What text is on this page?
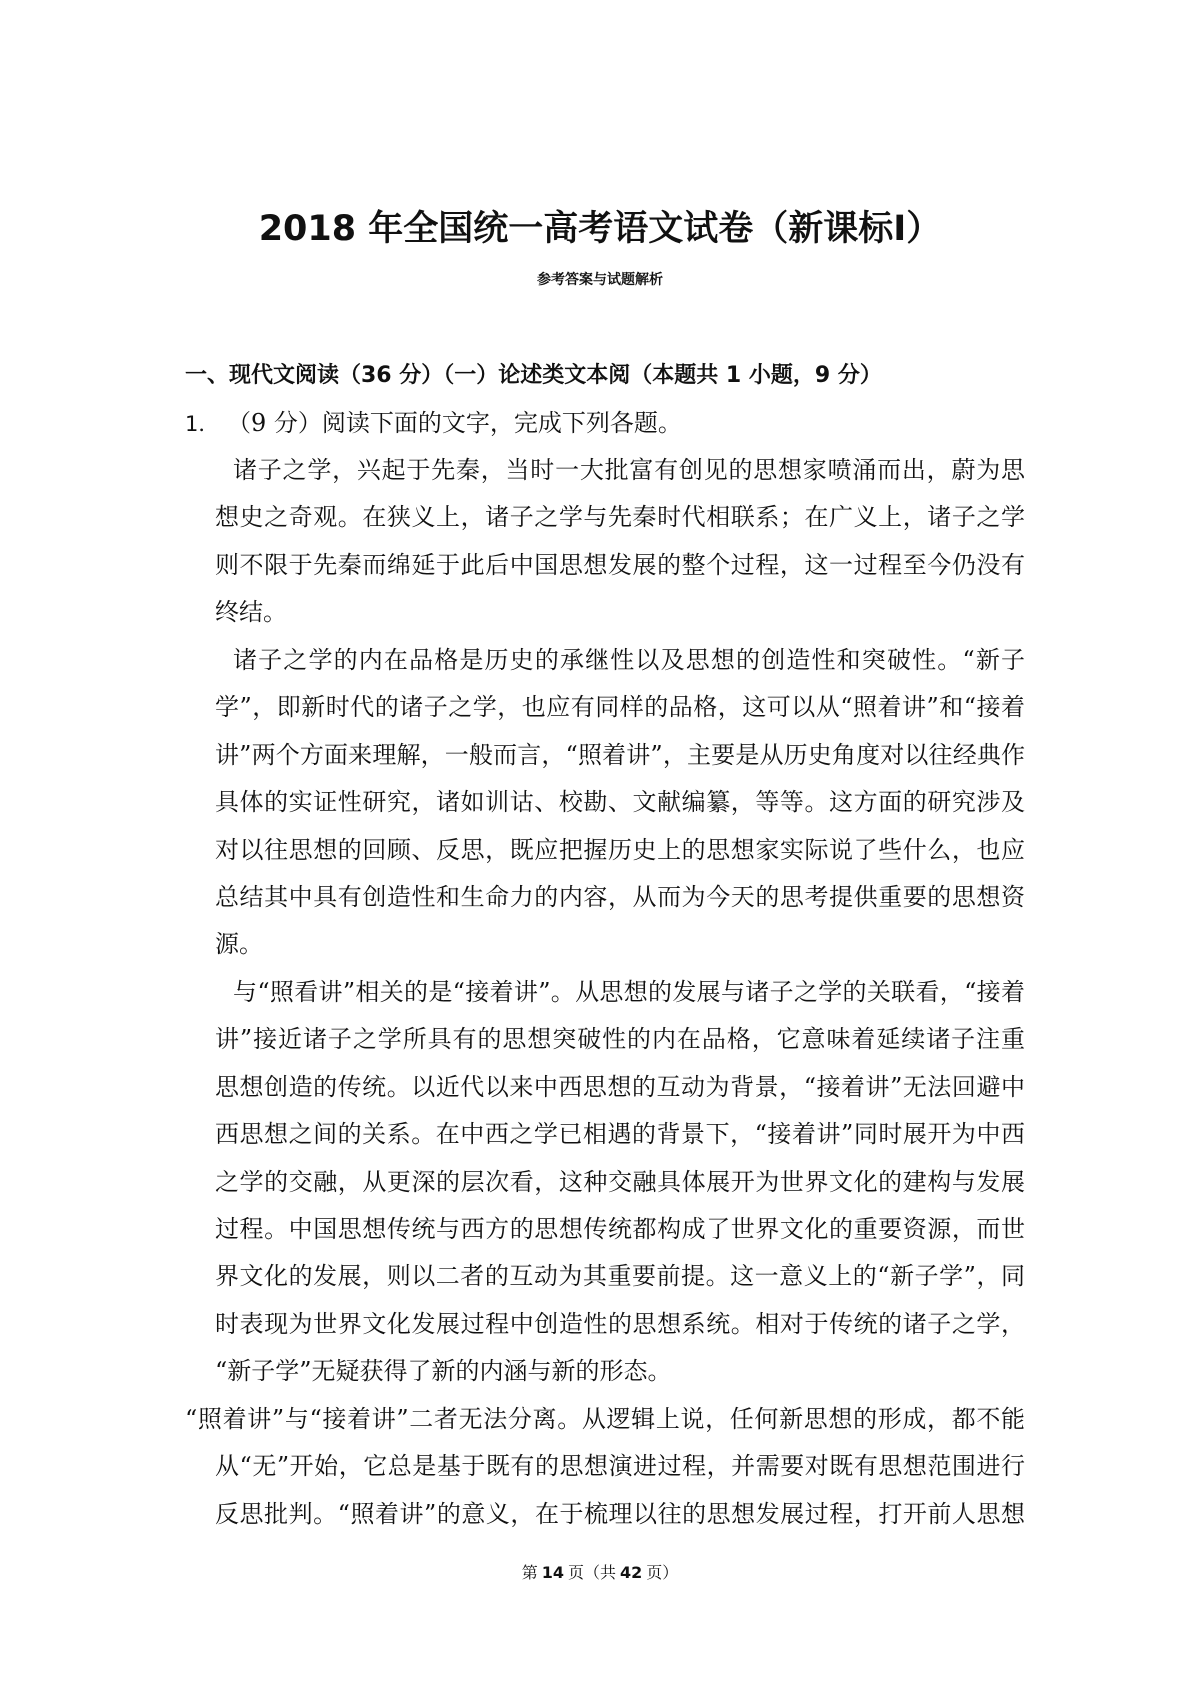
2018 年全国统一高考语文试卷（新课标Ⅰ）
参考答案与试题解析
一、现代文阅读（36 分）（一）论述类文本阅（本题共 1 小题，9 分）
1． （9 分）阅读下面的文字，完成下列各题。
诸子之学，兴起于先秦，当时一大批富有创见的思想家喷涌而出，蔚为思
想史之奇观。在狭义上，诸子之学与先秦时代相联系；在广义上，诸子之学
则不限于先秦而绵延于此后中国思想发展的整个过程，这一过程至今仍没有
终结。
诸子之学的内在品格是历史的承继性以及思想的创造性和突破性。“新子
学”，即新时代的诸子之学，也应有同样的品格，这可以从“照着讲”和“接着
讲”两个方面来理解，一般而言，“照着讲”，主要是从历史角度对以往经典作
具体的实证性研究，诸如训诂、校勘、文献编纂，等等。这方面的研究涉及
对以往思想的回顾、反思，既应把握历史上的思想家实际说了些什么，也应
总结其中具有创造性和生命力的内容，从而为今天的思考提供重要的思想资
源。
与“照看讲”相关的是“接着讲”。从思想的发展与诸子之学的关联看，“接着
讲”接近诸子之学所具有的思想突破性的内在品格，它意味着延续诸子注重
思想创造的传统。以近代以来中西思想的互动为背景，“接着讲”无法回避中
西思想之间的关系。在中西之学已相遇的背景下，“接着讲”同时展开为中西
之学的交融，从更深的层次看，这种交融具体展开为世界文化的建构与发展
过程。中国思想传统与西方的思想传统都构成了世界文化的重要资源，而世
界文化的发展，则以二者的互动为其重要前提。这一意义上的“新子学”，同
时表现为世界文化发展过程中创造性的思想系统。相对于传统的诸子之学，
“新子学”无疑获得了新的内涵与新的形态。
“照着讲”与“接着讲”二者无法分离。从逻辑上说，任何新思想的形成，都不能
从“无”开始，它总是基于既有的思想演进过程，并需要对既有思想范围进行
反思批判。“照着讲”的意义，在于梳理以往的思想发展过程，打开前人思想
第 14 页（共 42 页）
